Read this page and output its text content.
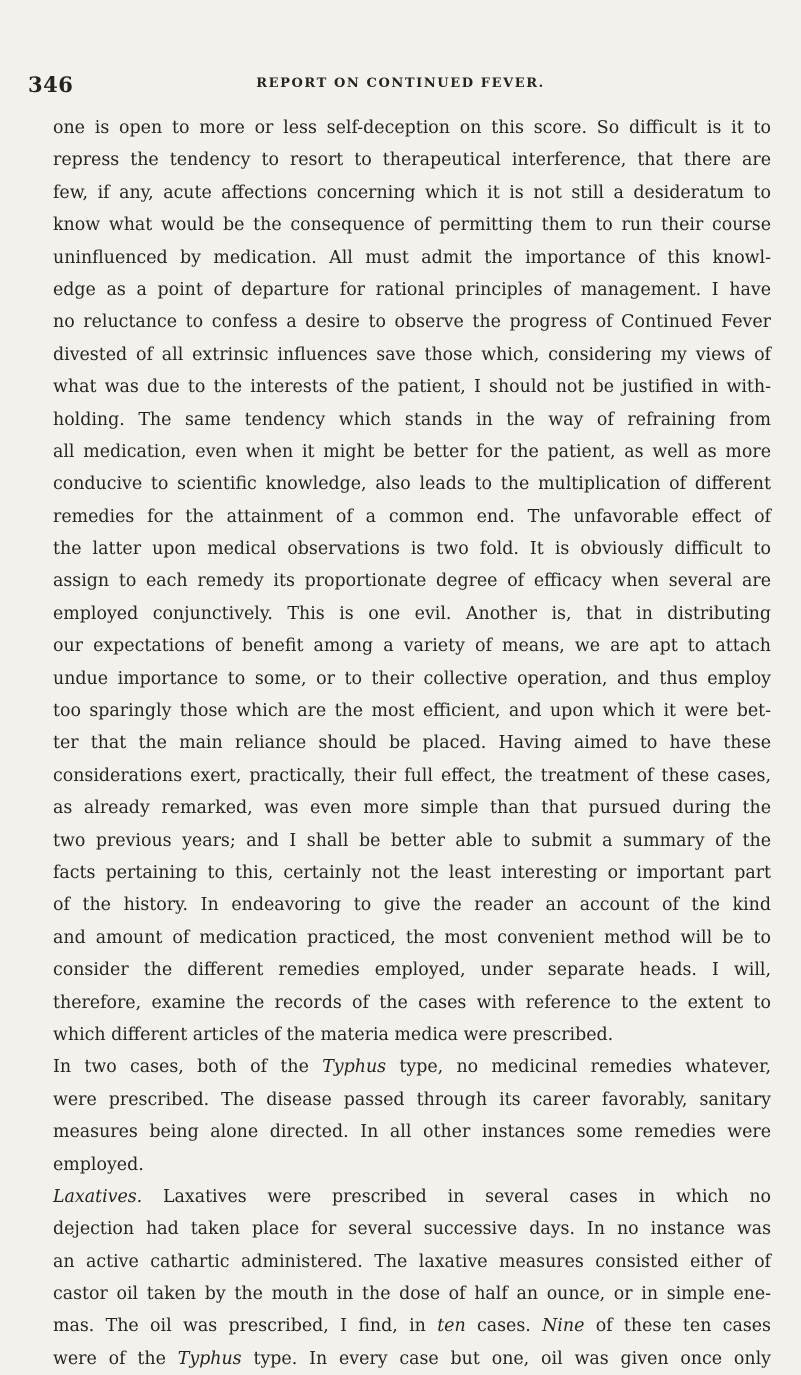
346	REPORT ON CONTINUED FEVER.
one is open to more or less self-deception on this score. So difficult is it to
repress the tendency to resort to therapeutical interference, that there are
few, if any, acute affections concerning which it is not still a desideratum to
know what would be the consequence of permitting them to run their course
uninfluenced by medication. All must admit the importance of this knowl-
edge as a point of departure for rational principles of management. I have
no reluctance to confess a desire to observe the progress of Continued Fever
divested of all extrinsic influences save those which, considering my views of
what was due to the interests of the patient, I should not be justified in with-
holding. The same tendency which stands in the way of refraining from
all medication, even when it might be better for the patient, as well as more
conducive to scientific knowledge, also leads to the multiplication of different
remedies for the attainment of a common end. The unfavorable effect of
the latter upon medical observations is two fold. It is obviously difficult to
assign to each remedy its proportionate degree of efficacy when several are
employed conjunctively. This is one evil. Another is, that in distributing
our expectations of benefit among a variety of means, we are apt to attach
undue importance to some, or to their collective operation, and thus employ
too sparingly those which are the most efficient, and upon which it were bet-
ter that the main reliance should be placed. Having aimed to have these
considerations exert, practically, their full effect, the treatment of these cases,
as already remarked, was even more simple than that pursued during the
two previous years; and I shall be better able to submit a summary of the
facts pertaining to this, certainly not the least interesting or important part
of the history. In endeavoring to give the reader an account of the kind
and amount of medication practiced, the most convenient method will be to
consider the different remedies employed, under separate heads. I will,
therefore, examine the records of the cases with reference to the extent to
which different articles of the materia medica were prescribed.
In two cases, both of the Typhus type, no medicinal remedies whatever,
were prescribed. The disease passed through its career favorably, sanitary
measures being alone directed. In all other instances some remedies were
employed.
Laxatives. Laxatives were prescribed in several cases in which no
dejection had taken place for several successive days. In no instance was
an active cathartic administered. The laxative measures consisted either of
castor oil taken by the mouth in the dose of half an ounce, or in simple ene-
mas. The oil was prescribed, I find, in ten cases. Nine of these ten cases
were of the Typhus type. In every case but one, oil was given once only
